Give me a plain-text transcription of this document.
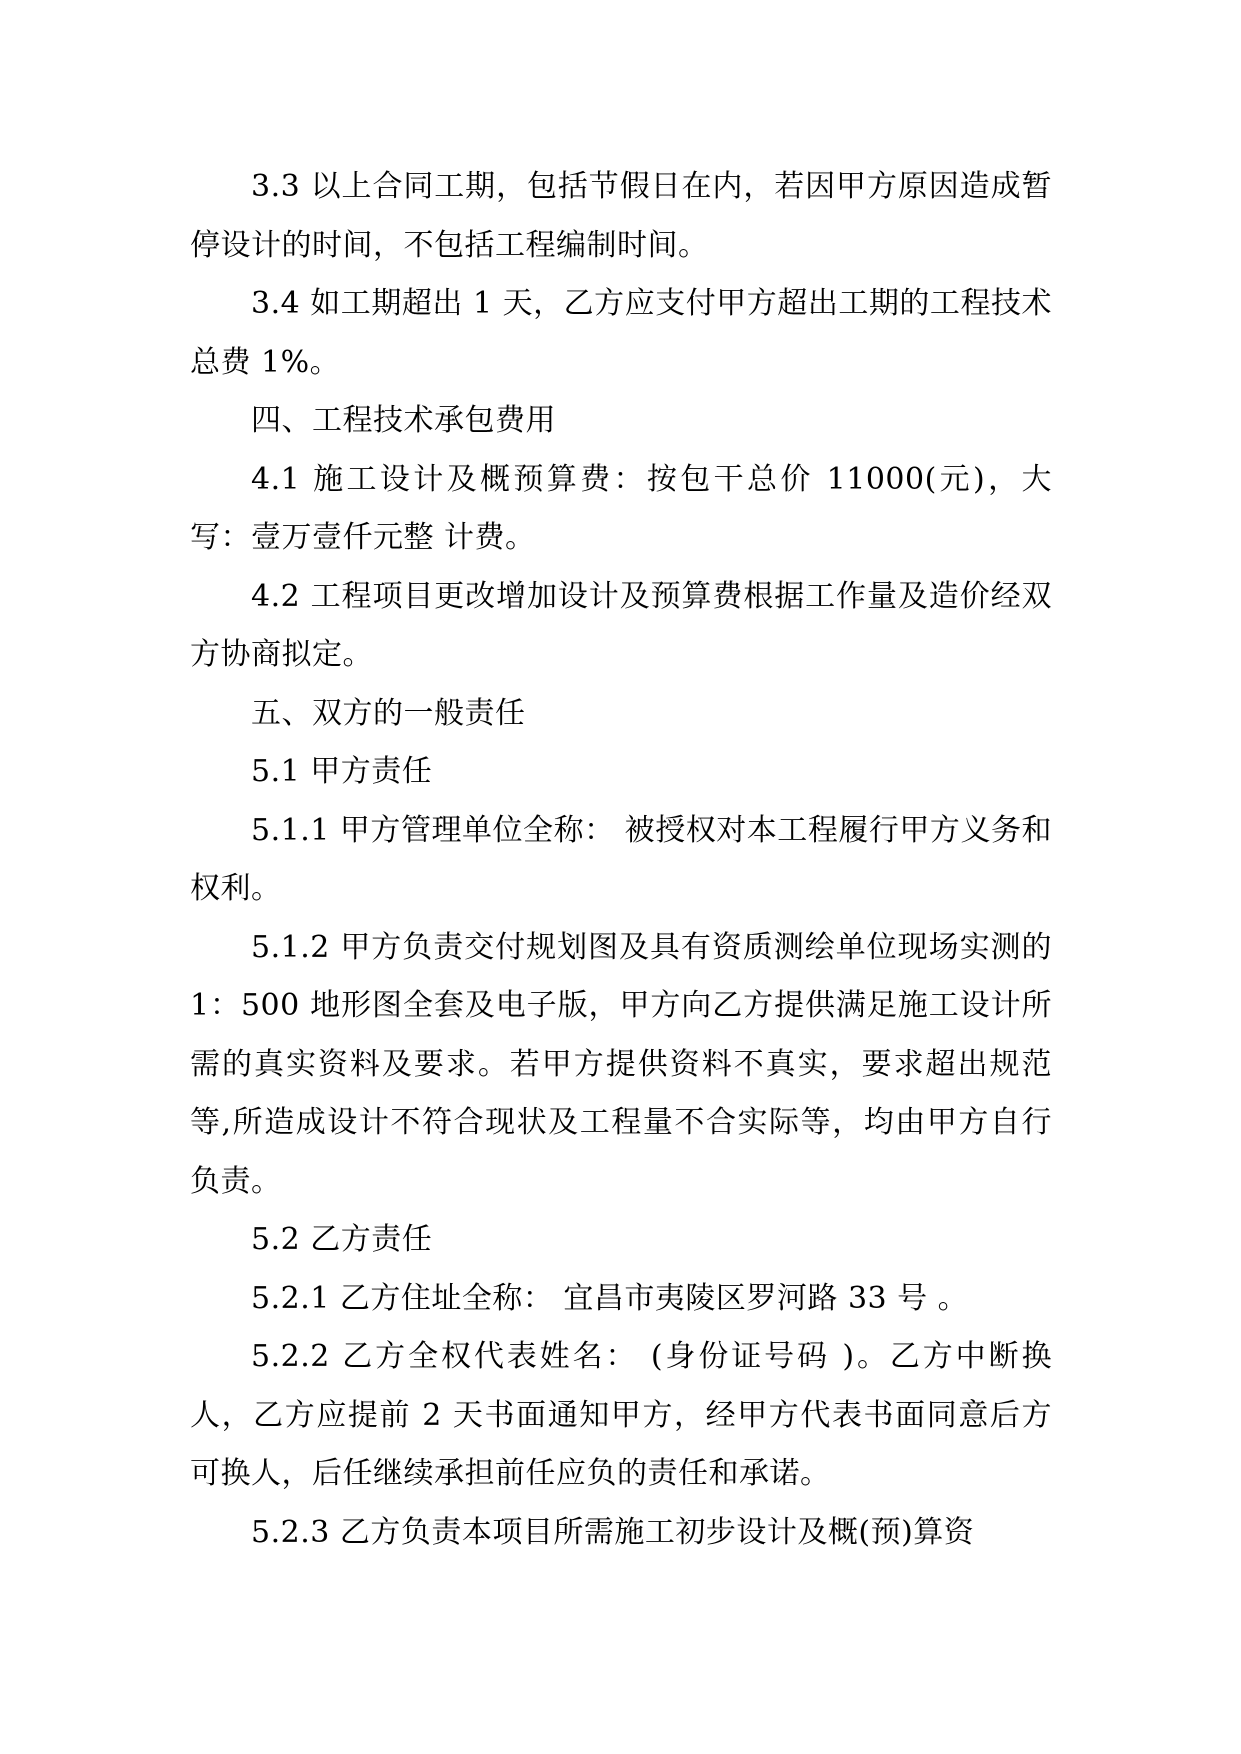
3.3 以上合同工期，包括节假日在内，若因甲方原因造成暂停设计的时间，不包括工程编制时间。

3.4 如工期超出 1 天，乙方应支付甲方超出工期的工程技术总费 1%。

四、工程技术承包费用

4.1 施工设计及概预算费：按包干总价 11000(元)，大写：壹万壹仟元整 计费。

4.2 工程项目更改增加设计及预算费根据工作量及造价经双方协商拟定。

五、双方的一般责任

5.1 甲方责任

5.1.1 甲方管理单位全称： 被授权对本工程履行甲方义务和权利。

5.1.2 甲方负责交付规划图及具有资质测绘单位现场实测的 1：500 地形图全套及电子版，甲方向乙方提供满足施工设计所需的真实资料及要求。若甲方提供资料不真实，要求超出规范等,所造成设计不符合现状及工程量不合实际等，均由甲方自行负责。

5.2 乙方责任

5.2.1 乙方住址全称： 宜昌市夷陵区罗河路 33 号 。

5.2.2 乙方全权代表姓名： (身份证号码 )。乙方中断换人，乙方应提前 2 天书面通知甲方，经甲方代表书面同意后方可换人，后任继续承担前任应负的责任和承诺。

5.2.3 乙方负责本项目所需施工初步设计及概(预)算资
